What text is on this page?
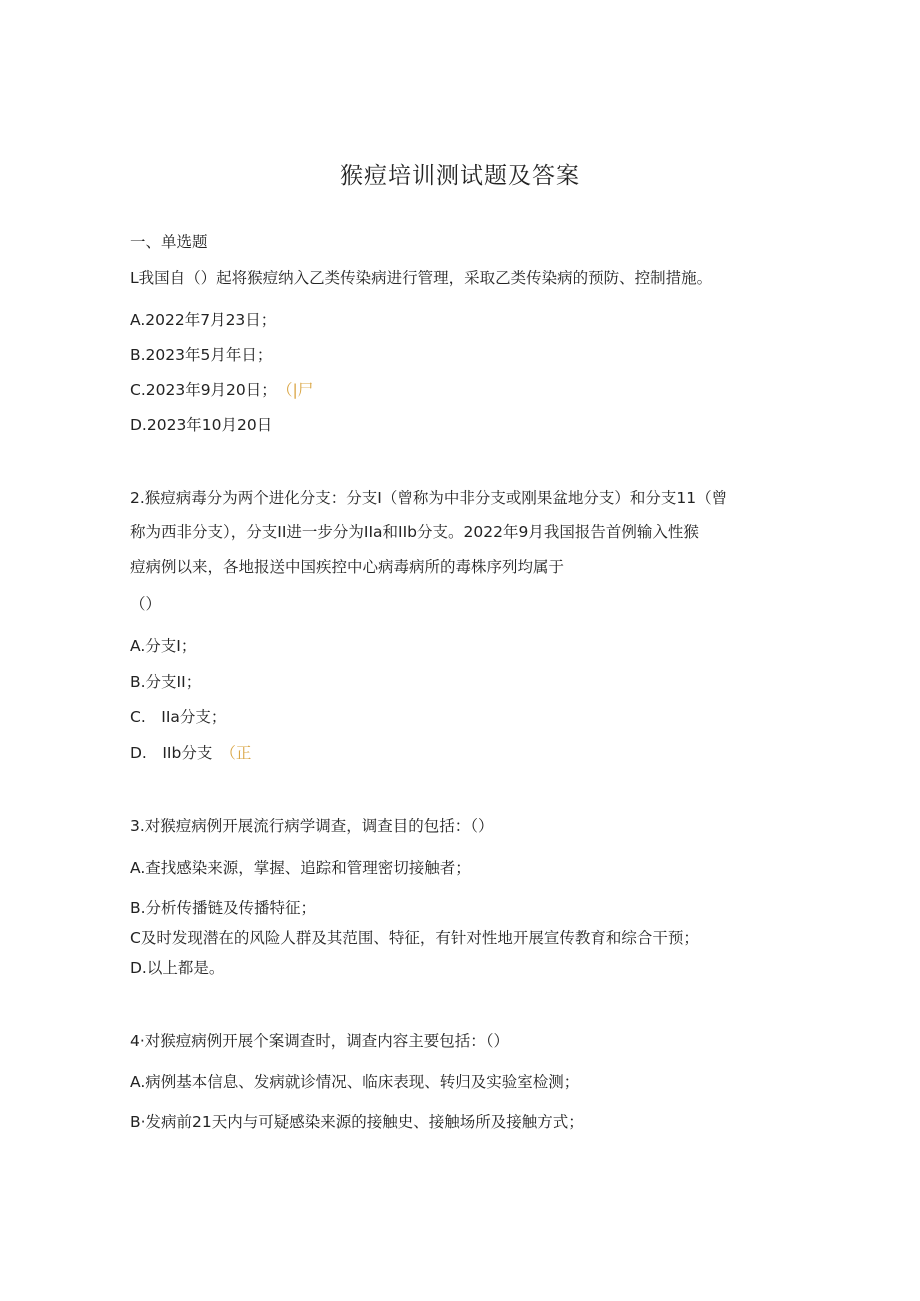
猴痘培训测试题及答案
一、单选题
L我国自（）起将猴痘纳入乙类传染病进行管理，采取乙类传染病的预防、控制措施。
A.2022年7月23日；
B.2023年5月年日；
C.2023年9月20日； （|尸
D.2023年10月20日
2.猴痘病毒分为两个进化分支：分支I（曾称为中非分支或刚果盆地分支）和分支11（曾
称为西非分支），分支II进一步分为IIa和IIb分支。2022年9月我国报告首例输入性猴
痘病例以来，各地报送中国疾控中心病毒病所的毒株序列均属于
（）
A.分支I；
B.分支II；
C.　IIa分支；
D.　IIb分支 （正
3.对猴痘病例开展流行病学调查，调查目的包括：（）
A.查找感染来源，掌握、追踪和管理密切接触者；
B.分析传播链及传播特征；
C及时发现潜在的风险人群及其范围、特征，有针对性地开展宣传教育和综合干预；
D.以上都是。
4·对猴痘病例开展个案调查时，调查内容主要包括：（）
A.病例基本信息、发病就诊情况、临床表现、转归及实验室检测；
B·发病前21天内与可疑感染来源的接触史、接触场所及接触方式；
